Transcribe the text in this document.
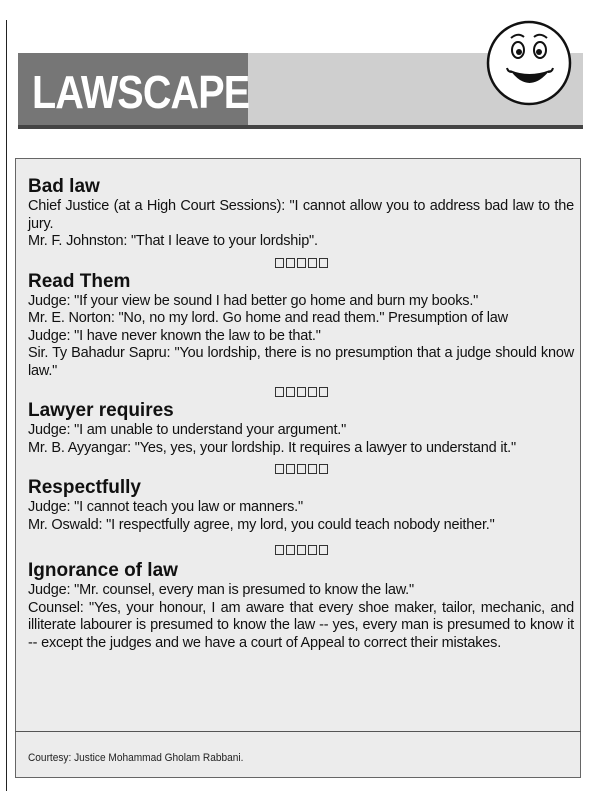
LAWSCAPE
Bad law

Chief Justice (at a High Court Sessions): "I cannot allow you to address bad law to the jury.

Mr. F. Johnston: "That I leave to your lordship".

Read Them

Judge: "If your view be sound I had better go home and burn my books."

Mr. E. Norton: "No, no my lord. Go home and read them." Presumption of law

Judge: "I have never known the law to be that."

Sir. Ty Bahadur Sapru: "You lordship, there is no presumption that a judge should know law."

Lawyer requires

Judge: "I am unable to understand your argument."

Mr. B. Ayyangar: "Yes, yes, your lordship. It requires a lawyer to understand it."

Respectfully

Judge: "I cannot teach you law or manners."

Mr. Oswald: "I respectfully agree, my lord, you could teach nobody neither."

Ignorance of law

Judge: "Mr. counsel, every man is presumed to know the law."

Counsel: "Yes, your honour, I am aware that every shoe maker, tailor, mechanic, and illiterate labourer is presumed to know the law -- yes, every man is presumed to know it -- except the judges and we have a court of Appeal to correct their mistakes.

Courtesy: Justice Mohammad Gholam Rabbani.
